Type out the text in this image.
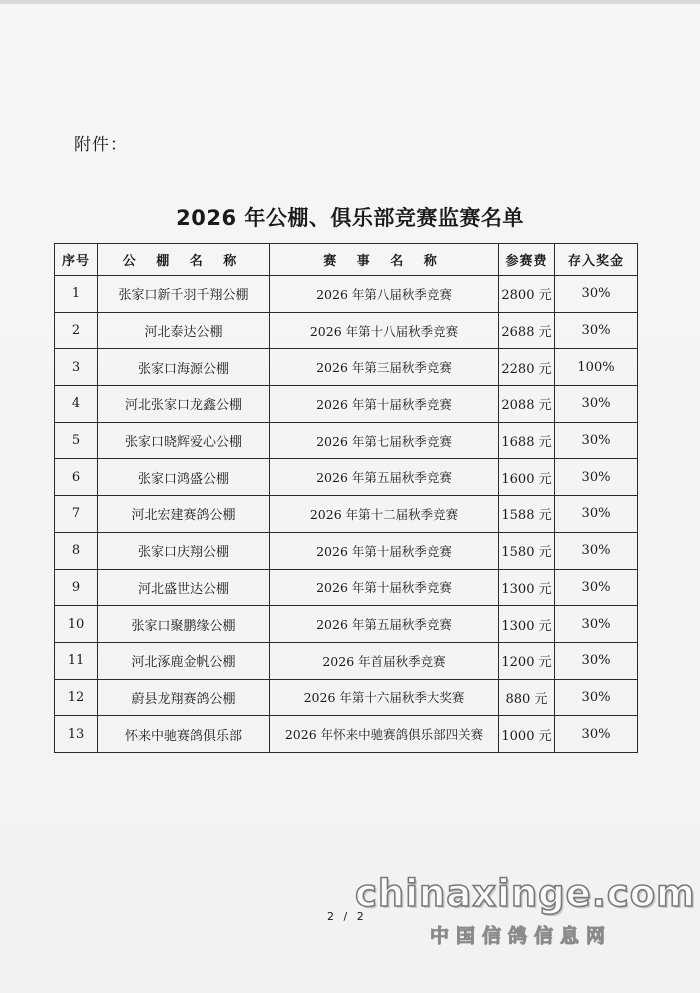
附件：
2026 年公棚、俱乐部竞赛监赛名单
序号	公 棚 名 称	赛 事 名 称	参赛费	存入奖金
1	张家口新千羽千翔公棚	2026 年第八届秋季竞赛	2800 元	30%
2	河北泰达公棚	2026 年第十八届秋季竞赛	2688 元	30%
3	张家口海源公棚	2026 年第三届秋季竞赛	2280 元	100%
4	河北张家口龙鑫公棚	2026 年第十届秋季竞赛	2088 元	30%
5	张家口晓辉爱心公棚	2026 年第七届秋季竞赛	1688 元	30%
6	张家口鸿盛公棚	2026 年第五届秋季竞赛	1600 元	30%
7	河北宏建赛鸽公棚	2026 年第十二届秋季竞赛	1588 元	30%
8	张家口庆翔公棚	2026 年第十届秋季竞赛	1580 元	30%
9	河北盛世达公棚	2026 年第十届秋季竞赛	1300 元	30%
10	张家口聚鹏缘公棚	2026 年第五届秋季竞赛	1300 元	30%
11	河北涿鹿金帆公棚	2026 年首届秋季竞赛	1200 元	30%
12	蔚县龙翔赛鸽公棚	2026 年第十六届秋季大奖赛	880 元	30%
13	怀来中驰赛鸽俱乐部	2026 年怀来中驰赛鸽俱乐部四关赛	1000 元	30%
2 / 2
chinaxinge.com
中国信鸽信息网
